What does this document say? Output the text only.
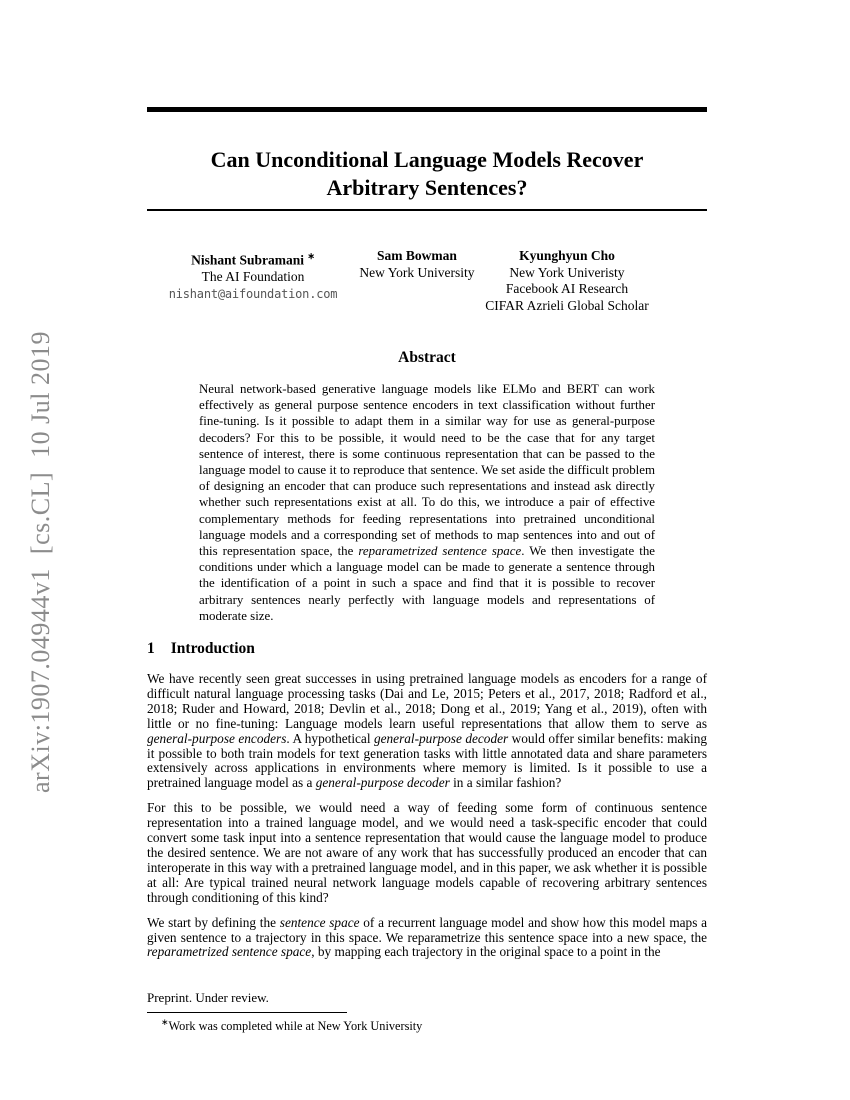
arXiv:1907.04944v1  [cs.CL]  10 Jul 2019
Can Unconditional Language Models Recover
Arbitrary Sentences?
Nishant Subramani ∗
The AI Foundation
nishant@aifoundation.com
Sam Bowman
New York University
Kyunghyun Cho
New York Univeristy
Facebook AI Research
CIFAR Azrieli Global Scholar
Abstract

Neural network-based generative language models like ELMo and BERT can work effectively as general purpose sentence encoders in text classification without further fine-tuning. Is it possible to adapt them in a similar way for use as general-purpose decoders? For this to be possible, it would need to be the case that for any target sentence of interest, there is some continuous representation that can be passed to the language model to cause it to reproduce that sentence. We set aside the difficult problem of designing an encoder that can produce such representations and instead ask directly whether such representations exist at all. To do this, we introduce a pair of effective complementary methods for feeding representations into pretrained unconditional language models and a corresponding set of methods to map sentences into and out of this representation space, the reparametrized sentence space. We then investigate the conditions under which a language model can be made to generate a sentence through the identification of a point in such a space and find that it is possible to recover arbitrary sentences nearly perfectly with language models and representations of moderate size.

1 Introduction

We have recently seen great successes in using pretrained language models as encoders for a range of difficult natural language processing tasks (Dai and Le, 2015; Peters et al., 2017, 2018; Radford et al., 2018; Ruder and Howard, 2018; Devlin et al., 2018; Dong et al., 2019; Yang et al., 2019), often with little or no fine-tuning: Language models learn useful representations that allow them to serve as general-purpose encoders. A hypothetical general-purpose decoder would offer similar benefits: making it possible to both train models for text generation tasks with little annotated data and share parameters extensively across applications in environments where memory is limited. Is it possible to use a pretrained language model as a general-purpose decoder in a similar fashion?

For this to be possible, we would need a way of feeding some form of continuous sentence representation into a trained language model, and we would need a task-specific encoder that could convert some task input into a sentence representation that would cause the language model to produce the desired sentence. We are not aware of any work that has successfully produced an encoder that can interoperate in this way with a pretrained language model, and in this paper, we ask whether it is possible at all: Are typical trained neural network language models capable of recovering arbitrary sentences through conditioning of this kind?

We start by defining the sentence space of a recurrent language model and show how this model maps a given sentence to a trajectory in this space. We reparametrize this sentence space into a new space, the reparametrized sentence space, by mapping each trajectory in the original space to a point in the

Preprint. Under review.
∗Work was completed while at New York University
